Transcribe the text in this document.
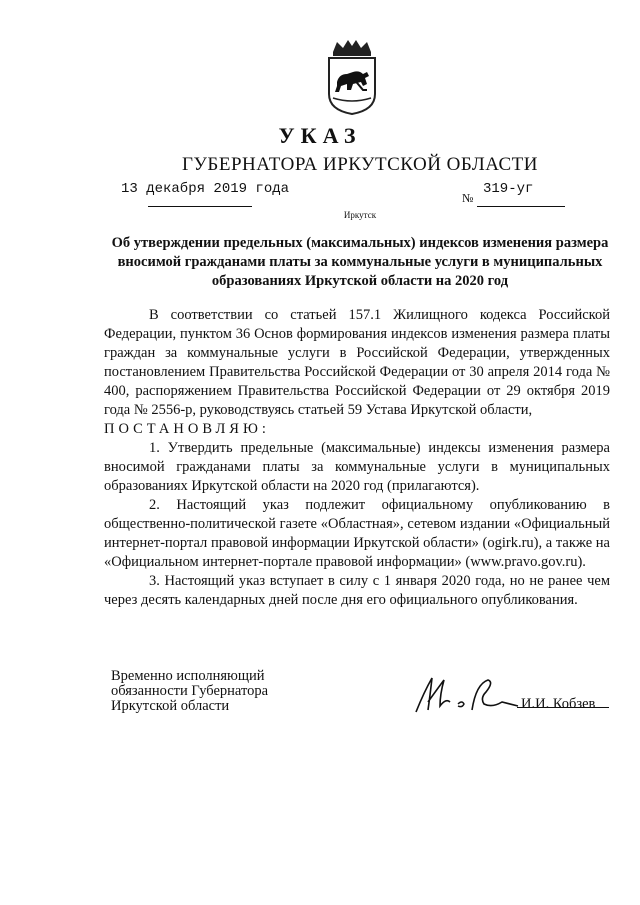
УКАЗ
ГУБЕРНАТОРА ИРКУТСКОЙ ОБЛАСТИ
13 декабря 2019 года
№
319-уг
Иркутск
Об утверждении предельных (максимальных) индексов изменения размера вносимой гражданами платы за коммунальные услуги в муниципальных образованиях Иркутской области на 2020 год

В соответствии со статьей 157.1 Жилищного кодекса Российской Федерации, пунктом 36 Основ формирования индексов изменения размера платы граждан за коммунальные услуги в Российской Федерации, утвержденных постановлением Правительства Российской Федерации от 30 апреля 2014 года № 400, распоряжением Правительства Российской Федерации от 29 октября 2019 года № 2556-р, руководствуясь статьей 59 Устава Иркутской области,

ПОСТАНОВЛЯЮ:

1. Утвердить предельные (максимальные) индексы изменения размера вносимой гражданами платы за коммунальные услуги в муниципальных образованиях Иркутской области на 2020 год (прилагаются).

2. Настоящий указ подлежит официальному опубликованию в общественно-политической газете «Областная», сетевом издании «Официальный интернет-портал правовой информации Иркутской области» (ogirk.ru), а также на «Официальном интернет-портале правовой информации» (www.pravo.gov.ru).

3. Настоящий указ вступает в силу с 1 января 2020 года, но не ранее чем через десять календарных дней после дня его официального опубликования.

Временно исполняющий
обязанности Губернатора
Иркутской области	И.И. Кобзев
